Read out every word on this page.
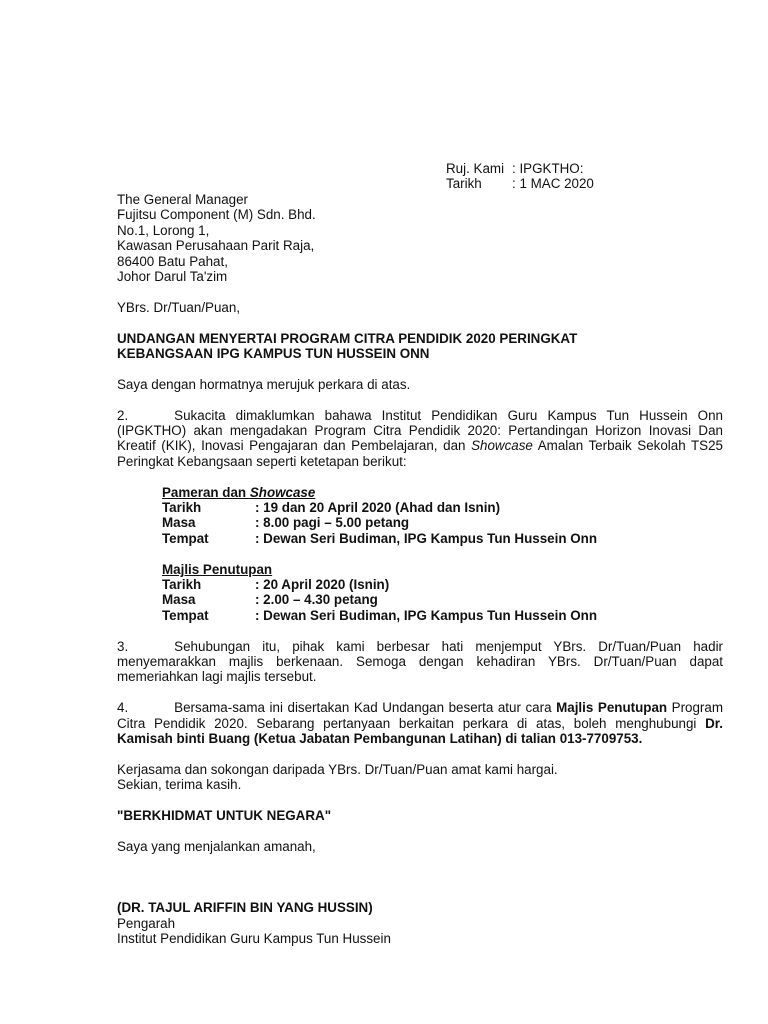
Ruj. Kami : IPGKTHO:
Tarikh	: 1 MAC 2020

The General Manager

Fujitsu Component (M) Sdn. Bhd.

No.1, Lorong 1,

Kawasan Perusahaan Parit Raja,

86400 Batu Pahat,

Johor Darul Ta'zim

YBrs. Dr/Tuan/Puan,

UNDANGAN MENYERTAI PROGRAM CITRA PENDIDIK 2020 PERINGKAT

KEBANGSAAN IPG KAMPUS TUN HUSSEIN ONN

Saya dengan hormatnya merujuk perkara di atas.

2.	Sukacita dimaklumkan bahawa Institut Pendidikan Guru Kampus Tun Hussein Onn (IPGKTHO) akan mengadakan Program Citra Pendidik 2020: Pertandingan Horizon Inovasi Dan Kreatif (KIK), Inovasi Pengajaran dan Pembelajaran, dan Showcase Amalan Terbaik Sekolah TS25 Peringkat Kebangsaan seperti ketetapan berikut:

Pameran dan Showcase

Tarikh	: 19 dan 20 April 2020 (Ahad dan Isnin)
Masa	: 8.00 pagi – 5.00 petang
Tempat	: Dewan Seri Budiman, IPG Kampus Tun Hussein Onn

Majlis Penutupan

Tarikh	: 20 April 2020 (Isnin)
Masa	: 2.00 – 4.30 petang
Tempat	: Dewan Seri Budiman, IPG Kampus Tun Hussein Onn

3.	Sehubungan itu, pihak kami berbesar hati menjemput YBrs. Dr/Tuan/Puan hadir menyemarakkan majlis berkenaan. Semoga dengan kehadiran YBrs. Dr/Tuan/Puan dapat memeriahkan lagi majlis tersebut.

4.	Bersama-sama ini disertakan Kad Undangan beserta atur cara Majlis Penutupan Program Citra Pendidik 2020. Sebarang pertanyaan berkaitan perkara di atas, boleh menghubungi Dr. Kamisah binti Buang (Ketua Jabatan Pembangunan Latihan) di talian 013-7709753.

Kerjasama dan sokongan daripada YBrs. Dr/Tuan/Puan amat kami hargai.

Sekian, terima kasih.

"BERKHIDMAT UNTUK NEGARA"

Saya yang menjalankan amanah,

(DR. TAJUL ARIFFIN BIN YANG HUSSIN)

Pengarah

Institut Pendidikan Guru Kampus Tun Hussein
